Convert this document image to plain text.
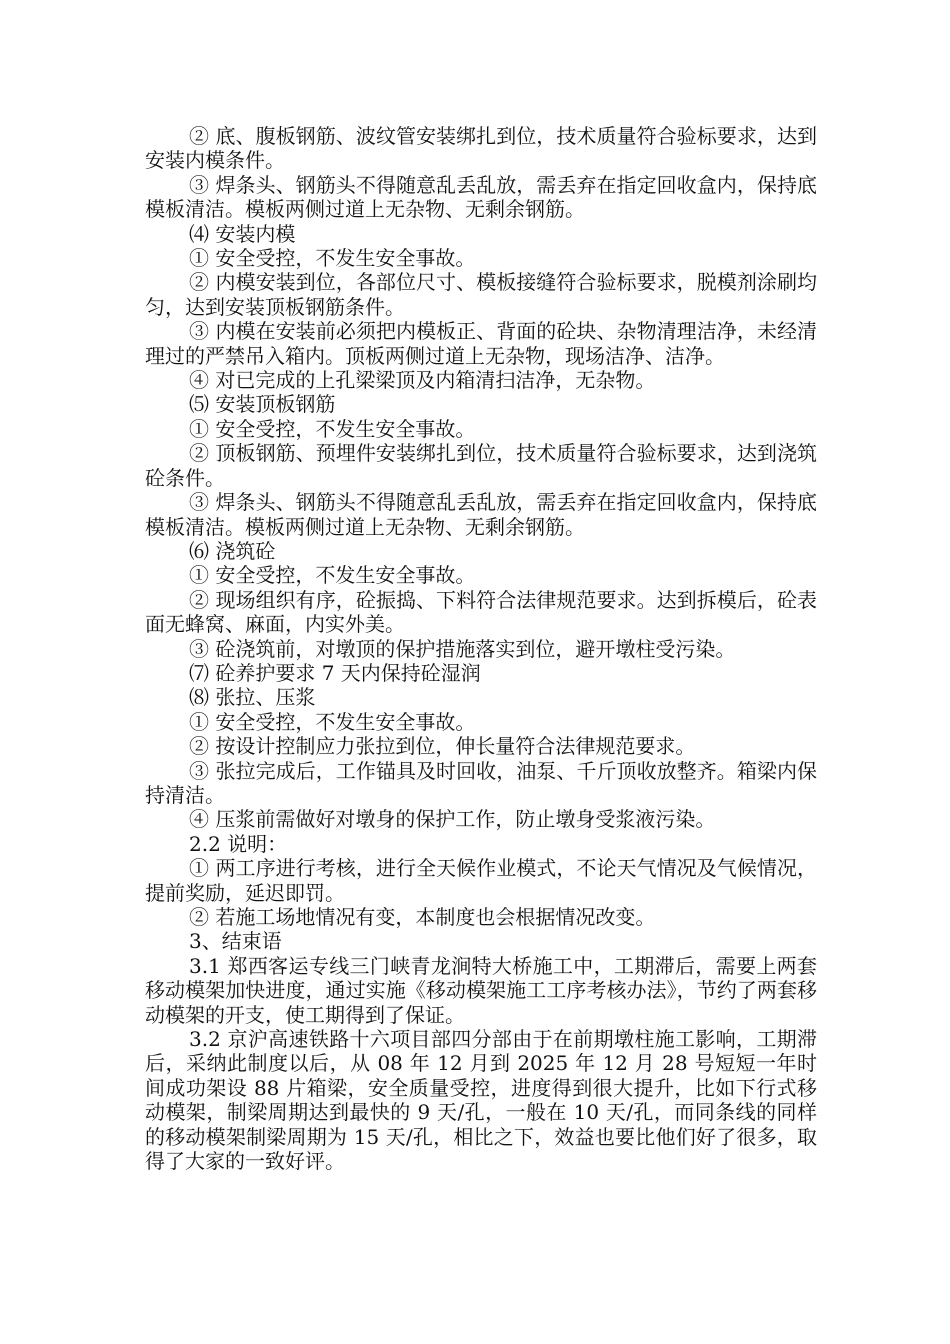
② 底、腹板钢筋、波纹管安装绑扎到位，技术质量符合验标要求，达到安装内模条件。

③ 焊条头、钢筋头不得随意乱丢乱放，需丢弃在指定回收盒内，保持底模板清洁。模板两侧过道上无杂物、无剩余钢筋。

⑷ 安装内模

① 安全受控，不发生安全事故。

② 内模安装到位，各部位尺寸、模板接缝符合验标要求，脱模剂涂刷均匀，达到安装顶板钢筋条件。

③ 内模在安装前必须把内模板正、背面的砼块、杂物清理洁净，未经清理过的严禁吊入箱内。顶板两侧过道上无杂物，现场洁净、洁净。

④ 对已完成的上孔梁梁顶及内箱清扫洁净，无杂物。

⑸ 安装顶板钢筋

① 安全受控，不发生安全事故。

② 顶板钢筋、预埋件安装绑扎到位，技术质量符合验标要求，达到浇筑砼条件。

③ 焊条头、钢筋头不得随意乱丢乱放，需丢弃在指定回收盒内，保持底模板清洁。模板两侧过道上无杂物、无剩余钢筋。

⑹ 浇筑砼

① 安全受控，不发生安全事故。

② 现场组织有序，砼振捣、下料符合法律规范要求。达到拆模后，砼表面无蜂窝、麻面，内实外美。

③ 砼浇筑前，对墩顶的保护措施落实到位，避开墩柱受污染。

⑺ 砼养护要求 7 天内保持砼湿润

⑻ 张拉、压浆

① 安全受控，不发生安全事故。

② 按设计控制应力张拉到位，伸长量符合法律规范要求。

③ 张拉完成后，工作锚具及时回收，油泵、千斤顶收放整齐。箱梁内保持清洁。

④ 压浆前需做好对墩身的保护工作，防止墩身受浆液污染。

2.2 说明：

① 两工序进行考核，进行全天候作业模式，不论天气情况及气候情况，提前奖励，延迟即罚。

② 若施工场地情况有变，本制度也会根据情况改变。

3、结束语

3.1 郑西客运专线三门峡青龙涧特大桥施工中，工期滞后，需要上两套移动模架加快进度，通过实施《移动模架施工工序考核办法》，节约了两套移动模架的开支，使工期得到了保证。

3.2 京沪高速铁路十六项目部四分部由于在前期墩柱施工影响，工期滞后，采纳此制度以后，从 08 年 12 月到 2025 年 12 月 28 号短短一年时间成功架设 88 片箱梁，安全质量受控，进度得到很大提升，比如下行式移动模架，制梁周期达到最快的 9 天/孔，一般在 10 天/孔，而同条线的同样的移动模架制梁周期为 15 天/孔，相比之下，效益也要比他们好了很多，取得了大家的一致好评。
